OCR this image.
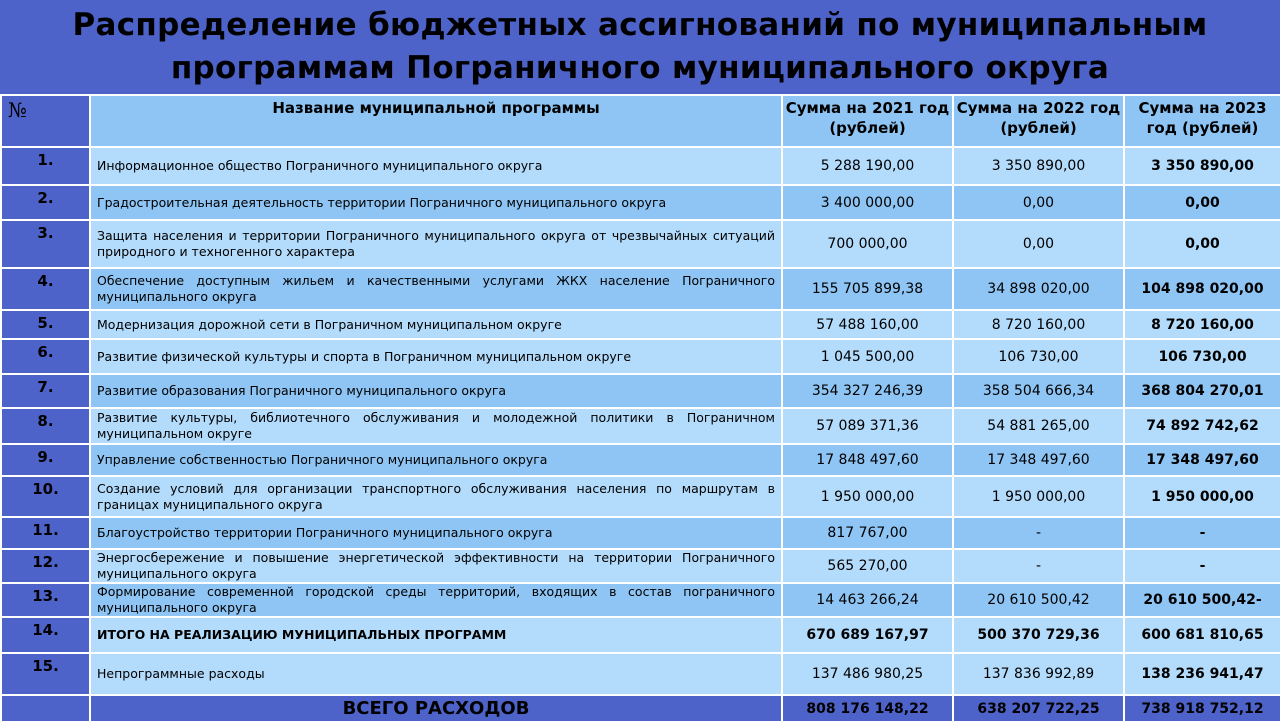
Распределение бюджетных ассигнований по муниципальным программам Пограничного муниципального округа
№	Название муниципальной программы	Сумма на 2021 год (рублей)	Сумма на 2022 год (рублей)	Сумма на 2023 год (рублей)
1.	Информационное общество Пограничного муниципального округа	5 288 190,00	3 350 890,00	3 350 890,00
2.	Градостроительная деятельность территории Пограничного муниципального округа	3 400 000,00	0,00	0,00
3.	Защита населения и территории Пограничного муниципального округа от чрезвычайных ситуаций природного и техногенного характера	700 000,00	0,00	0,00
4.	Обеспечение доступным жильем и качественными услугами ЖКХ население Пограничного муниципального округа	155 705 899,38	34 898 020,00	104 898 020,00
5.	Модернизация дорожной сети в Пограничном муниципальном округе	57 488 160,00	8 720 160,00	8 720 160,00
6.	Развитие физической культуры и спорта в Пограничном муниципальном округе	1 045 500,00	106 730,00	106 730,00
7.	Развитие образования Пограничного муниципального округа	354 327 246,39	358 504 666,34	368 804 270,01
8.	Развитие культуры, библиотечного обслуживания и молодежной политики в Пограничном муниципальном округе	57 089 371,36	54 881 265,00	74 892 742,62
9.	Управление собственностью Пограничного муниципального округа	17 848 497,60	17 348 497,60	17 348 497,60
10.	Создание условий для организации транспортного обслуживания населения по маршрутам в границах муниципального округа	1 950 000,00	1 950 000,00	1 950 000,00
11.	Благоустройство территории Пограничного муниципального округа	817 767,00	-	-
12.	Энергосбережение и повышение энергетической эффективности на территории Пограничного муниципального округа	565 270,00	-	-
13.	Формирование современной городской среды территорий, входящих в состав пограничного муниципального округа	14 463 266,24	20 610 500,42	20 610 500,42-
14.	ИТОГО НА РЕАЛИЗАЦИЮ МУНИЦИПАЛЬНЫХ ПРОГРАММ	670 689 167,97	500 370 729,36	600 681 810,65
15.	Непрограммные расходы	137 486 980,25	137 836 992,89	138 236 941,47
	ВСЕГО РАСХОДОВ	808 176 148,22	638 207 722,25	738 918 752,12
